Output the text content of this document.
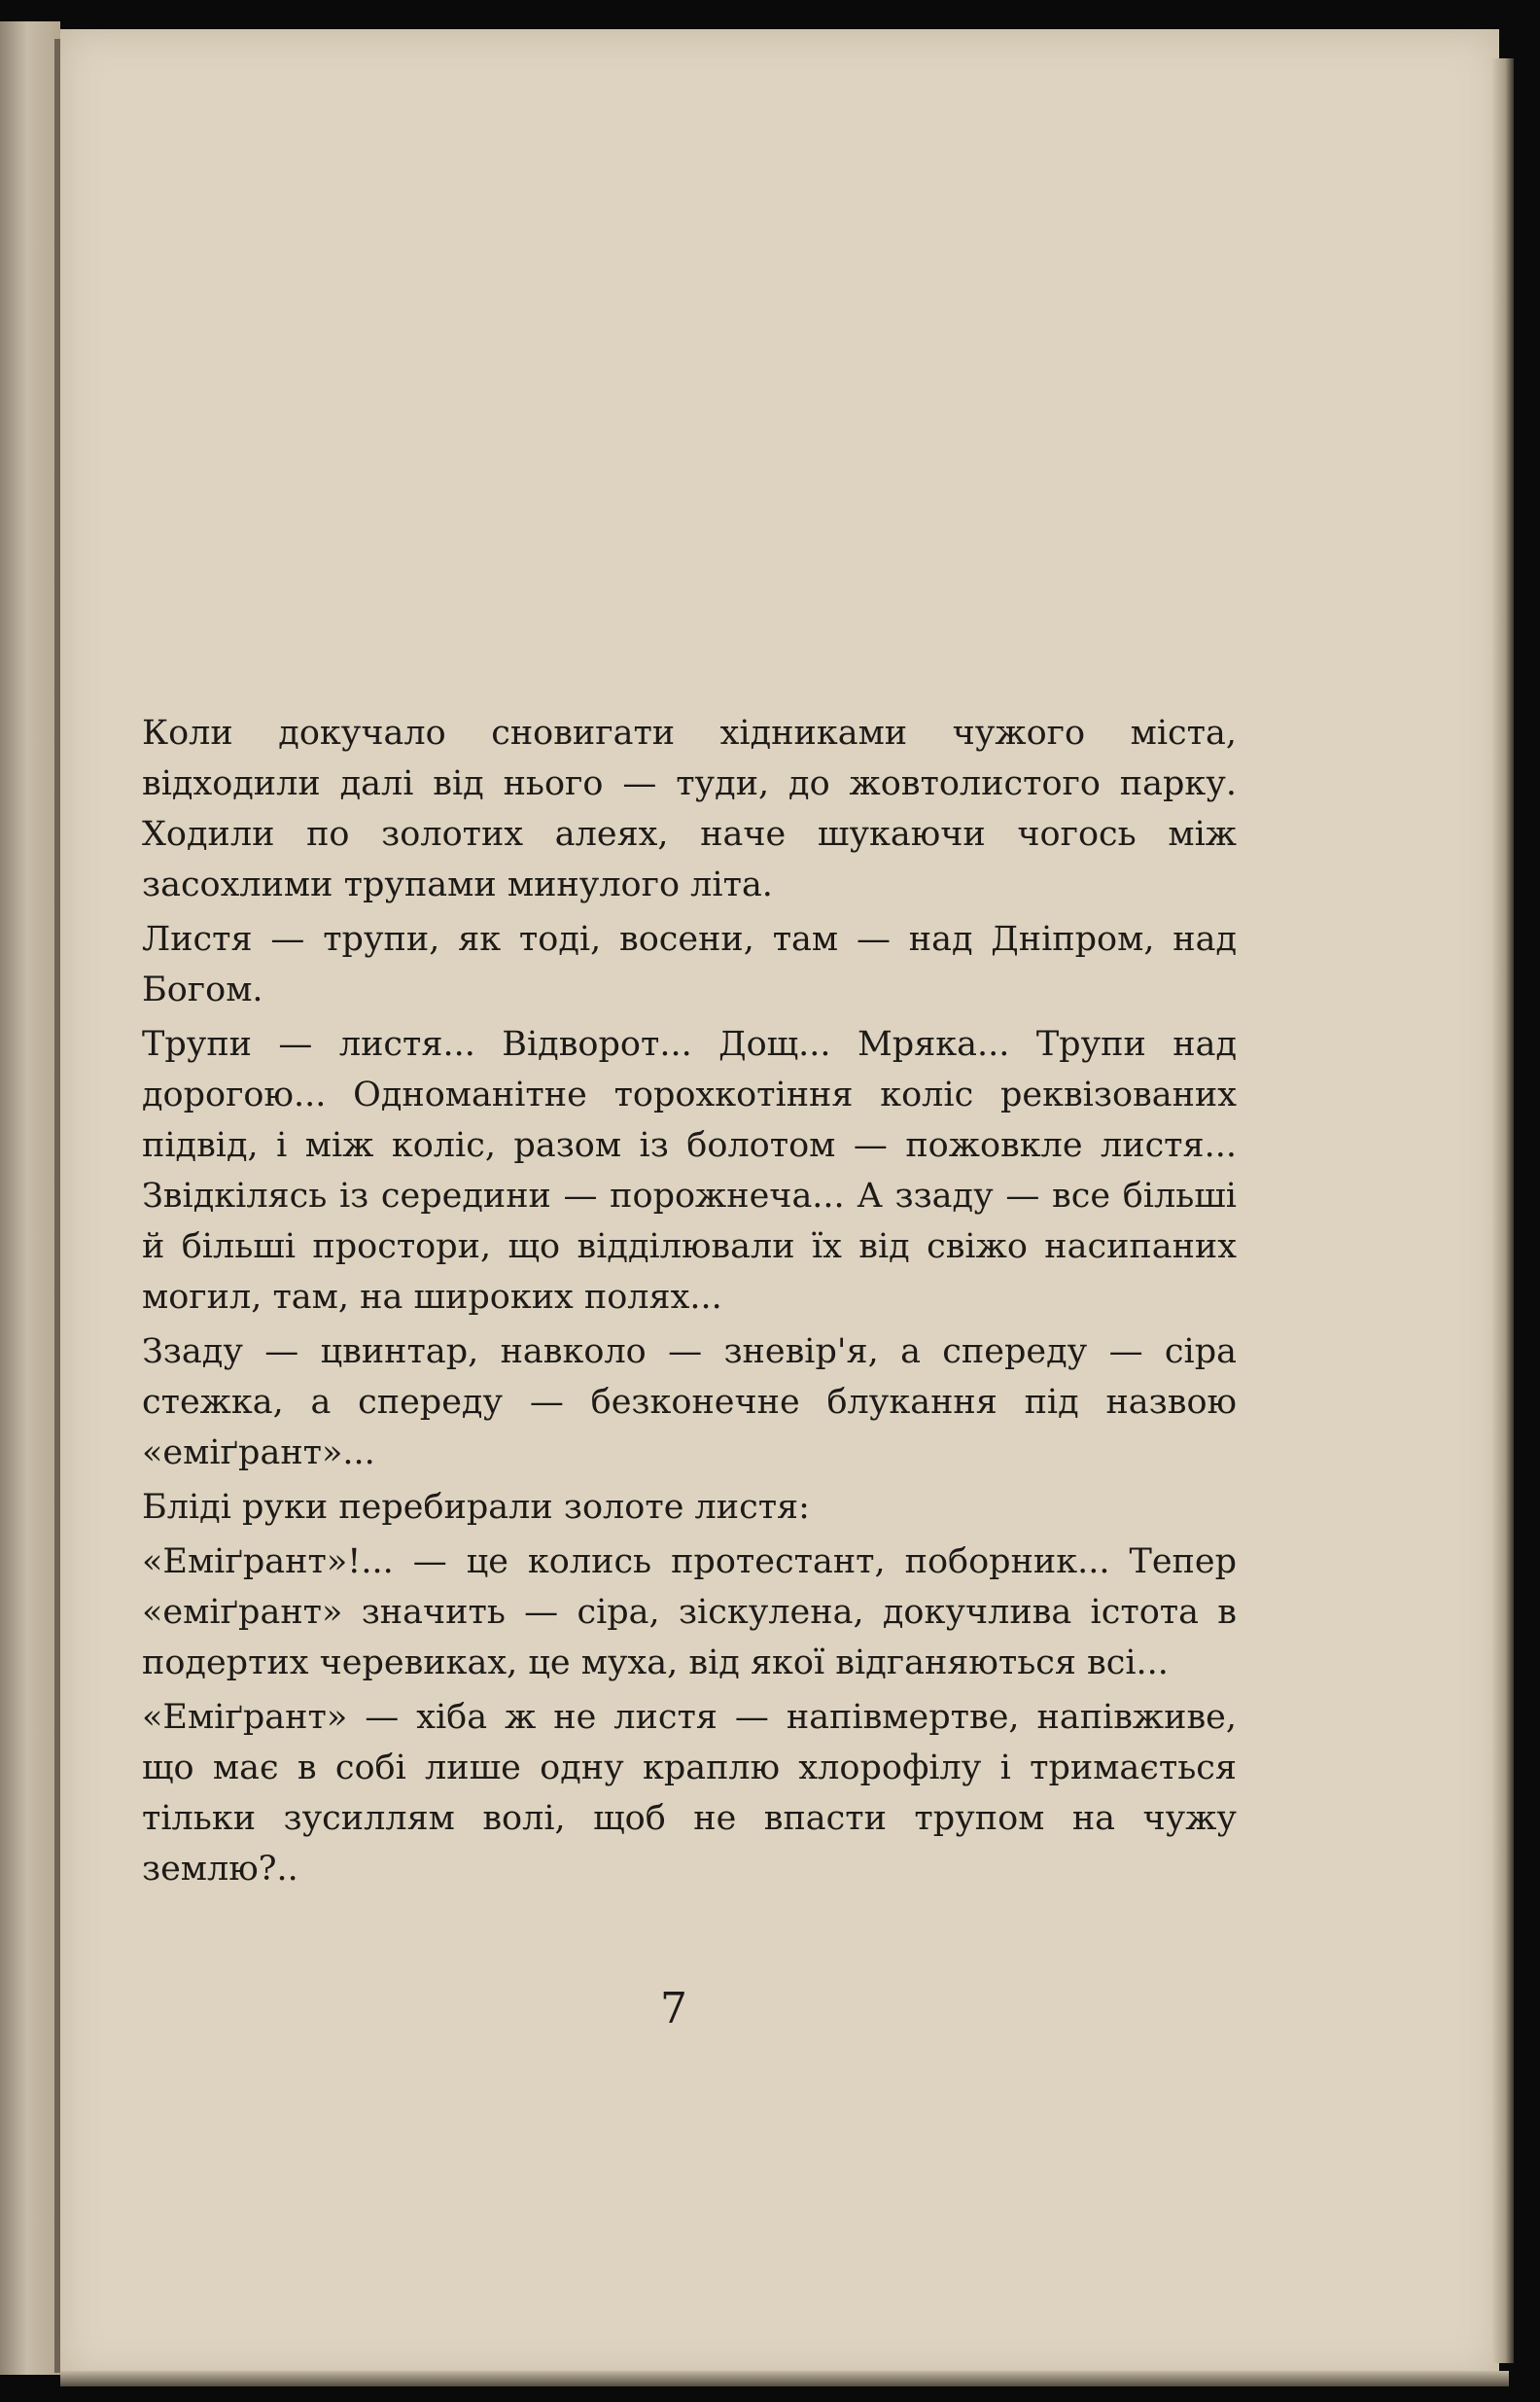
Коли докучало сновигати хідниками чужого міста, відходили далі від нього — туди, до жовтолистого парку. Ходили по золотих алеях, наче шукаючи чогось між засохлими трупами минулого літа.

Листя — трупи, як тоді, восени, там — над Дніпром, над Богом.

Трупи — листя... Відворот... Дощ... Мряка... Трупи над дорогою... Одноманітне торохкотіння коліс реквізованих підвід, і між коліс, разом із болотом — пожовкле листя... Звідкілясь із середини — порожнеча... А ззаду — все більші й більші простори, що відділювали їх від свіжо насипаних могил, там, на широких полях...

Ззаду — цвинтар, навколо — зневір'я, а спереду — сіра стежка, а спереду — безконечне блукання під назвою «еміґрант»...

Бліді руки перебирали золоте листя:

«Еміґрант»!... — це колись протестант, поборник... Тепер «еміґрант» значить — сіра, зіскулена, докучлива істота в подертих черевиках, це муха, від якої відганяються всі...

«Еміґрант» — хіба ж не листя — напівмертве, напівживе, що має в собі лише одну краплю хлорофілу і тримається тільки зусиллям волі, щоб не впасти трупом на чужу землю?..

7
